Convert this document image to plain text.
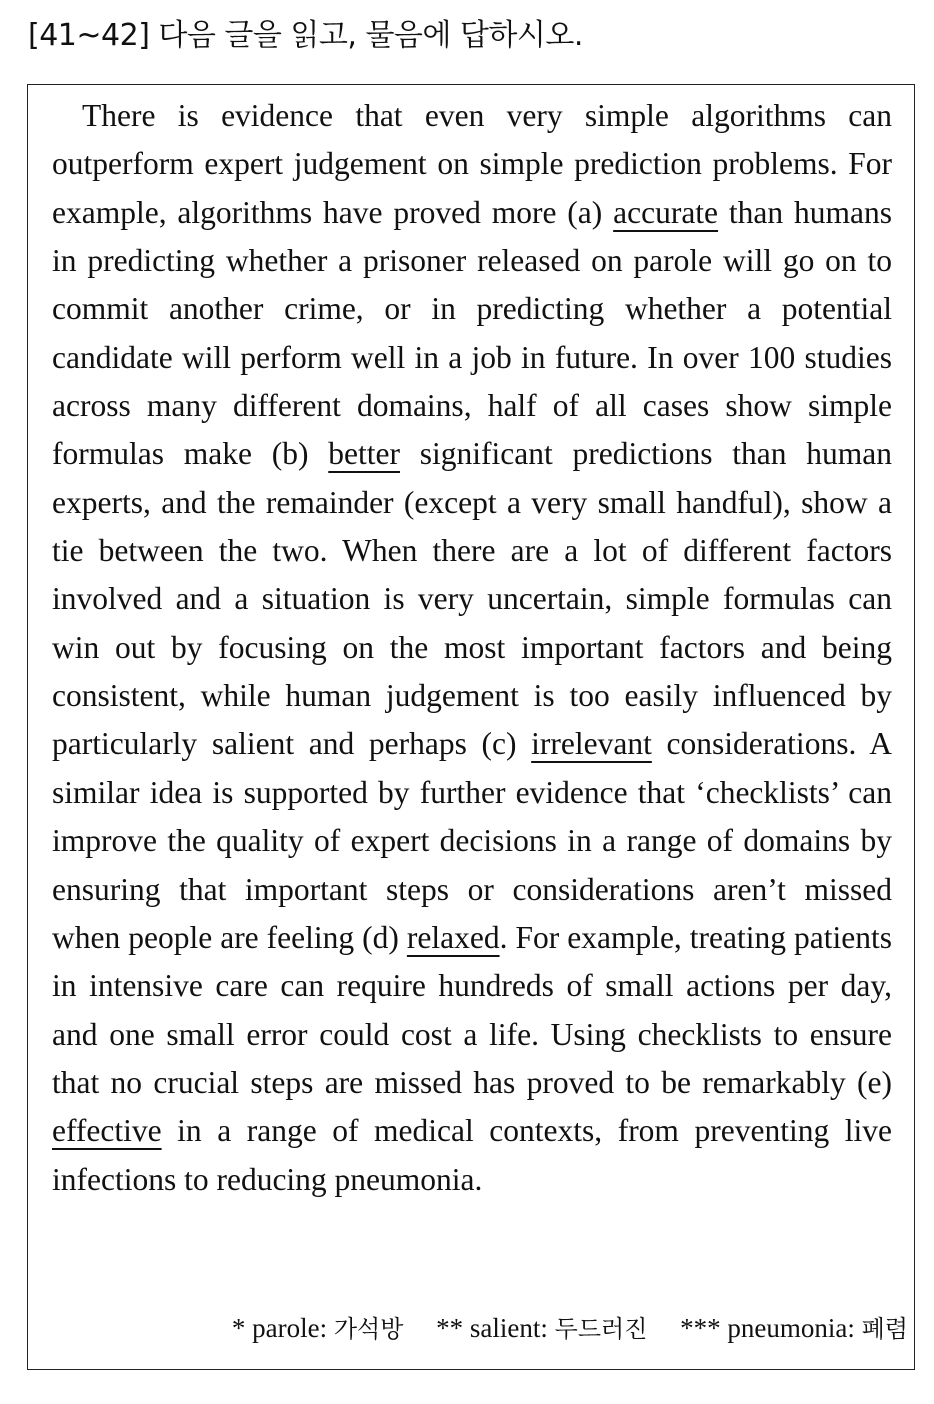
[41~42] 다음 글을 읽고, 물음에 답하시오.

There is evidence that even very simple algorithms can outperform expert judgement on simple prediction problems. For example, algorithms have proved more (a) accurate than humans in predicting whether a prisoner released on parole will go on to commit another crime, or in predicting whether a potential candidate will perform well in a job in future. In over 100 studies across many different domains, half of all cases show simple formulas make (b) better significant predictions than human experts, and the remainder (except a very small handful), show a tie between the two. When there are a lot of different factors involved and a situation is very uncertain, simple formulas can win out by focusing on the most important factors and being consistent, while human judgement is too easily influenced by particularly salient and perhaps (c) irrelevant considerations. A similar idea is supported by further evidence that ‘checklists’ can improve the quality of expert decisions in a range of domains by ensuring that important steps or considerations aren’t missed when people are feeling (d) relaxed. For example, treating patients in intensive care can require hundreds of small actions per day, and one small error could cost a life. Using checklists to ensure that no crucial steps are missed has proved to be remarkably (e) effective in a range of medical contexts, from preventing live infections to reducing pneumonia.

* parole: 가석방 ** salient: 두드러진 *** pneumonia: 폐렴
